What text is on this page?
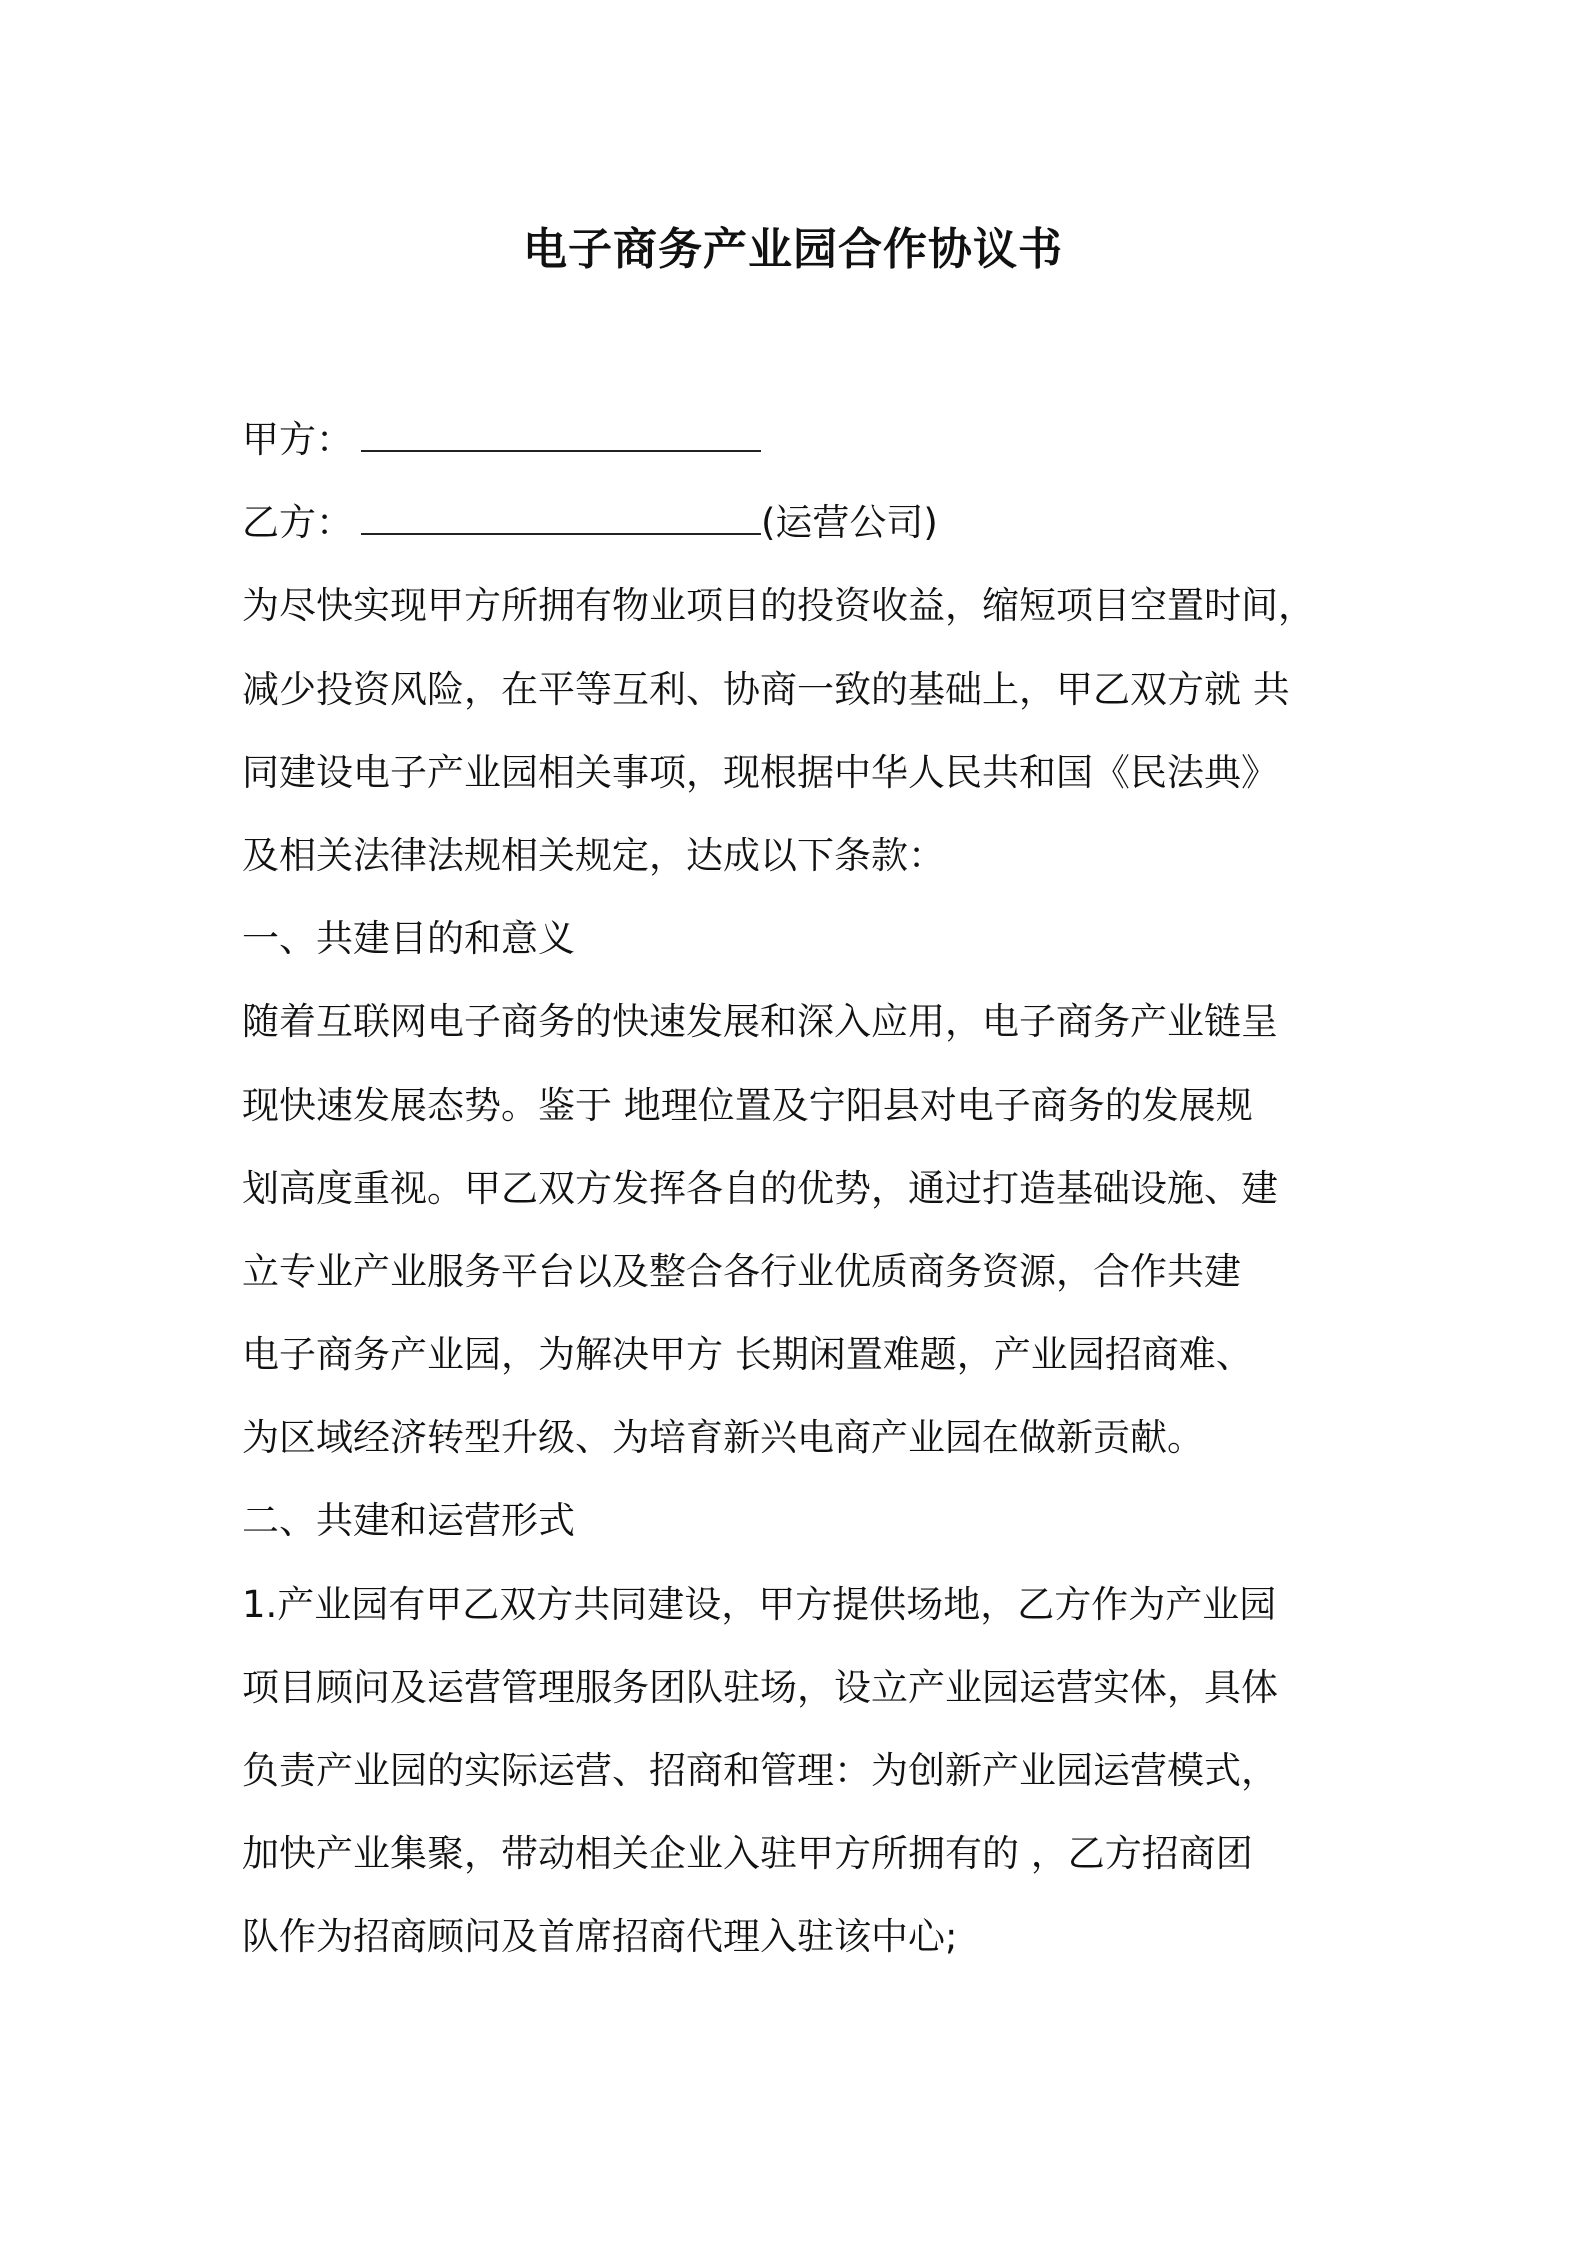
电子商务产业园合作协议书
甲方：
乙方：	(运营公司)
为尽快实现甲方所拥有物业项目的投资收益，缩短项目空置时间，
减少投资风险，在平等互利、协商一致的基础上，甲乙双方就 共
同建设电子产业园相关事项，现根据中华人民共和国《民法典》
及相关法律法规相关规定，达成以下条款：
一、共建目的和意义
随着互联网电子商务的快速发展和深入应用，电子商务产业链呈
现快速发展态势。鉴于 地理位置及宁阳县对电子商务的发展规
划高度重视。甲乙双方发挥各自的优势，通过打造基础设施、建
立专业产业服务平台以及整合各行业优质商务资源，合作共建
电子商务产业园，为解决甲方 长期闲置难题，产业园招商难、
为区域经济转型升级、为培育新兴电商产业园在做新贡献。
二、共建和运营形式
1.产业园有甲乙双方共同建设，甲方提供场地，乙方作为产业园
项目顾问及运营管理服务团队驻场，设立产业园运营实体，具体
负责产业园的实际运营、招商和管理：为创新产业园运营模式，
加快产业集聚，带动相关企业入驻甲方所拥有的 ，乙方招商团
队作为招商顾问及首席招商代理入驻该中心;
